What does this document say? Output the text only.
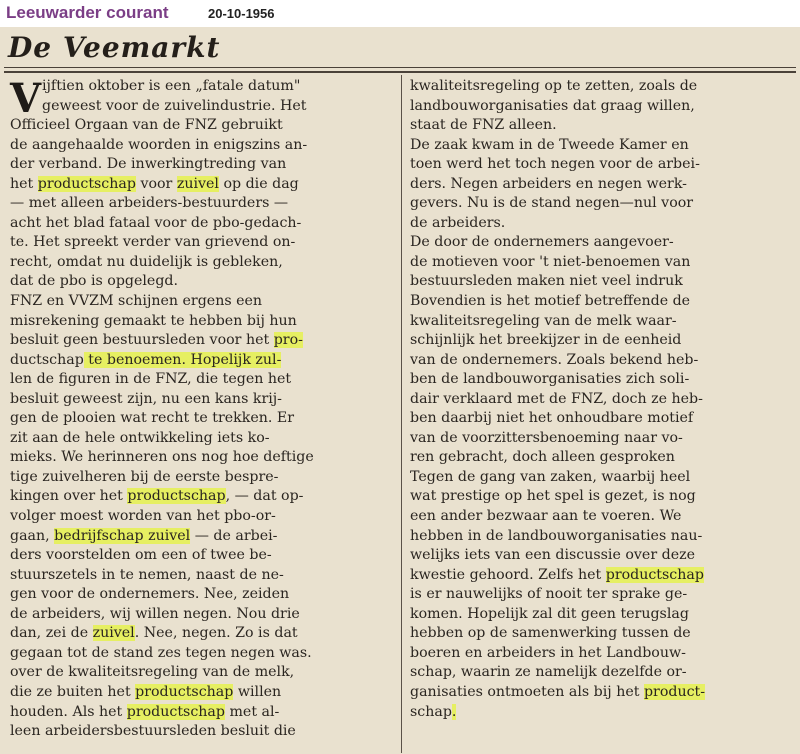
Leeuwarder courant	20-10-1956
De Veemarkt
V ijftien oktober is een „fatale datum"
geweest voor de zuivelindustrie. Het
Officieel Orgaan van de FNZ gebruikt
de aangehaalde woorden in enigszins an-
der verband. De inwerkingtreding van
het productschap voor zuivel op die dag
— met alleen arbeiders-bestuurders —
acht het blad fataal voor de pbo-gedach-
te. Het spreekt verder van grievend on-
recht, omdat nu duidelijk is gebleken,
dat de pbo is opgelegd.
FNZ en VVZM schijnen ergens een
misrekening gemaakt te hebben bij hun
besluit geen bestuursleden voor het pro-
ductschap te benoemen. Hopelijk zul-
len de figuren in de FNZ, die tegen het
besluit geweest zijn, nu een kans krij-
gen de plooien wat recht te trekken. Er
zit aan de hele ontwikkeling iets ko-
mieks. We herinneren ons nog hoe deftige
tige zuivelheren bij de eerste bespre-
kingen over het productschap, — dat op-
volger moest worden van het pbo-or-
gaan, bedrijfschap zuivel — de arbei-
ders voorstelden om een of twee be-
stuurszetels in te nemen, naast de ne-
gen voor de ondernemers. Nee, zeiden
de arbeiders, wij willen negen. Nou drie
dan, zei de zuivel. Nee, negen. Zo is dat
gegaan tot de stand zes tegen negen was.
over de kwaliteitsregeling van de melk,
die ze buiten het productschap willen
houden. Als het productschap met al-
leen arbeidersbestuursleden besluit die
kwaliteitsregeling op te zetten, zoals de
landbouworganisaties dat graag willen,
staat de FNZ alleen.
De zaak kwam in de Tweede Kamer en
toen werd het toch negen voor de arbei-
ders. Negen arbeiders en negen werk-
gevers. Nu is de stand negen—nul voor
de arbeiders.
De door de ondernemers aangevoer-
de motieven voor 't niet-benoemen van
bestuursleden maken niet veel indruk
Bovendien is het motief betreffende de
kwaliteitsregeling van de melk waar-
schijnlijk het breekijzer in de eenheid
van de ondernemers. Zoals bekend heb-
ben de landbouworganisaties zich soli-
dair verklaard met de FNZ, doch ze heb-
ben daarbij niet het onhoudbare motief
van de voorzittersbenoeming naar vo-
ren gebracht, doch alleen gesproken
Tegen de gang van zaken, waarbij heel
wat prestige op het spel is gezet, is nog
een ander bezwaar aan te voeren. We
hebben in de landbouworganisaties nau-
welijks iets van een discussie over deze
kwestie gehoord. Zelfs het productschap
is er nauwelijks of nooit ter sprake ge-
komen. Hopelijk zal dit geen terugslag
hebben op de samenwerking tussen de
boeren en arbeiders in het Landbouw-
schap, waarin ze namelijk dezelfde or-
ganisaties ontmoeten als bij het product-
schap.
